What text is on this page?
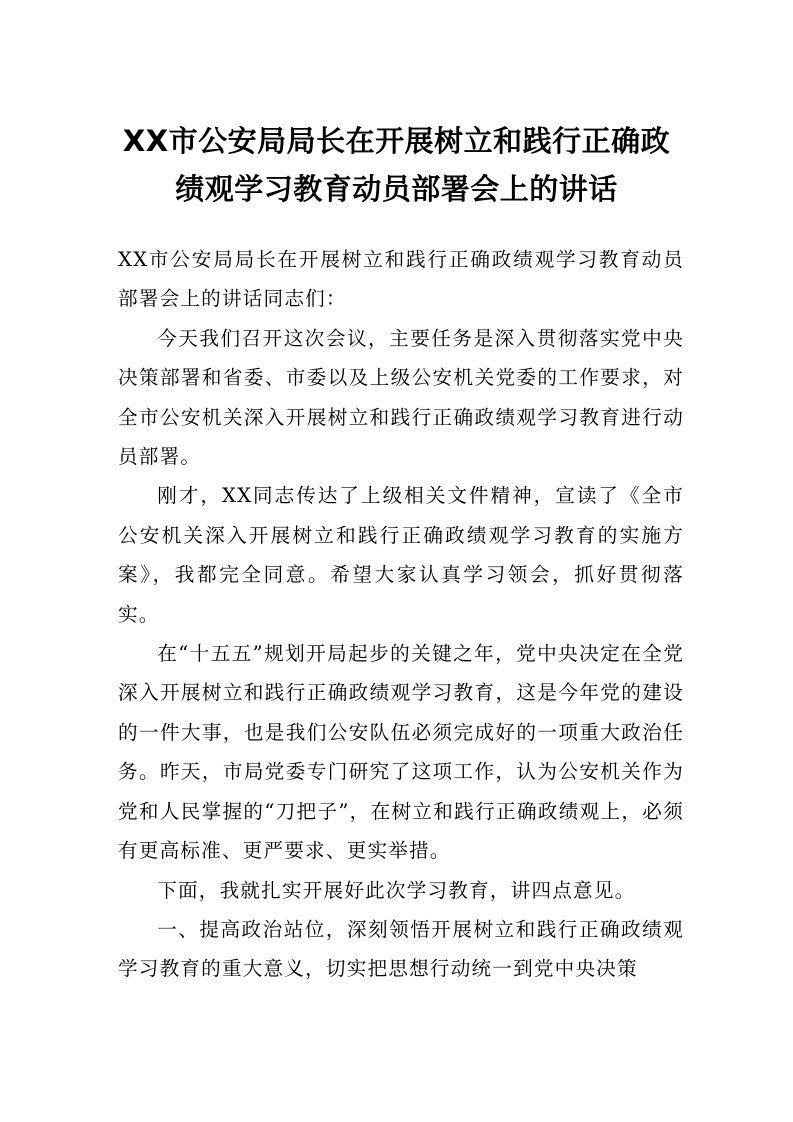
XX市公安局局长在开展树立和践行正确政
绩观学习教育动员部署会上的讲话

XX市公安局局长在开展树立和践行正确政绩观学习教育动员部署会上的讲话同志们：

今天我们召开这次会议，主要任务是深入贯彻落实党中央决策部署和省委、市委以及上级公安机关党委的工作要求，对全市公安机关深入开展树立和践行正确政绩观学习教育进行动员部署。

刚才，XX同志传达了上级相关文件精神，宣读了《全市公安机关深入开展树立和践行正确政绩观学习教育的实施方案》，我都完全同意。希望大家认真学习领会，抓好贯彻落实。

在“十五五”规划开局起步的关键之年，党中央决定在全党深入开展树立和践行正确政绩观学习教育，这是今年党的建设的一件大事，也是我们公安队伍必须完成好的一项重大政治任务。昨天，市局党委专门研究了这项工作，认为公安机关作为党和人民掌握的“刀把子”，在树立和践行正确政绩观上，必须有更高标准、更严要求、更实举措。

下面，我就扎实开展好此次学习教育，讲四点意见。

一、提高政治站位，深刻领悟开展树立和践行正确政绩观学习教育的重大意义，切实把思想行动统一到党中央决策
